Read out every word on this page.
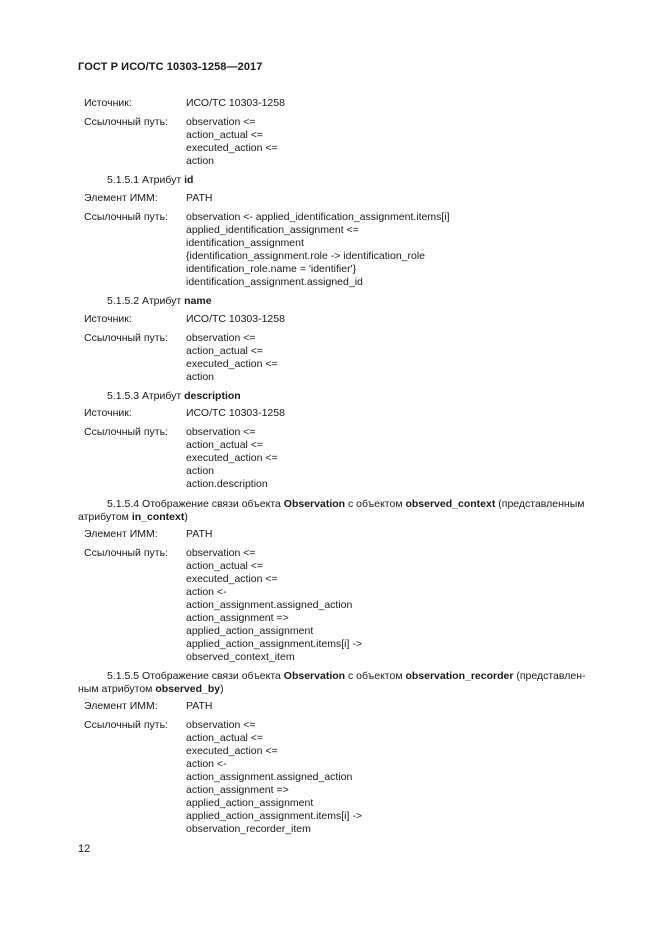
ГОСТ Р ИСО/ТС 10303-1258—2017
Источник:	ИСО/ТС 10303-1258
Ссылочный путь: observation <=
action_actual <=
executed_action <=
action
5.1.5.1 Атрибут id
Элемент ИММ:	PATH
Ссылочный путь: observation <- applied_identification_assignment.items[i]
applied_identification_assignment <=
identification_assignment
{identification_assignment.role -> identification_role
identification_role.name = 'identifier'}
identification_assignment.assigned_id
5.1.5.2 Атрибут name
Источник:	ИСО/ТС 10303-1258
Ссылочный путь: observation <=
action_actual <=
executed_action <=
action
5.1.5.3 Атрибут description
Источник:	ИСО/ТС 10303-1258
Ссылочный путь: observation <=
action_actual <=
executed_action <=
action
action.description
5.1.5.4 Отображение связи объекта Observation с объектом observed_context (представленным
атрибутом in_context)
Элемент ИММ:	PATH
Ссылочный путь: observation <=
action_actual <=
executed_action <=
action <-
action_assignment.assigned_action
action_assignment =>
applied_action_assignment
applied_action_assignment.items[i] ->
observed_context_item
5.1.5.5 Отображение связи объекта Observation с объектом observation_recorder (представлен-
ным атрибутом observed_by)
Элемент ИММ:	PATH
Ссылочный путь: observation <=
action_actual <=
executed_action <=
action <-
action_assignment.assigned_action
action_assignment =>
applied_action_assignment
applied_action_assignment.items[i] ->
observation_recorder_item
12
